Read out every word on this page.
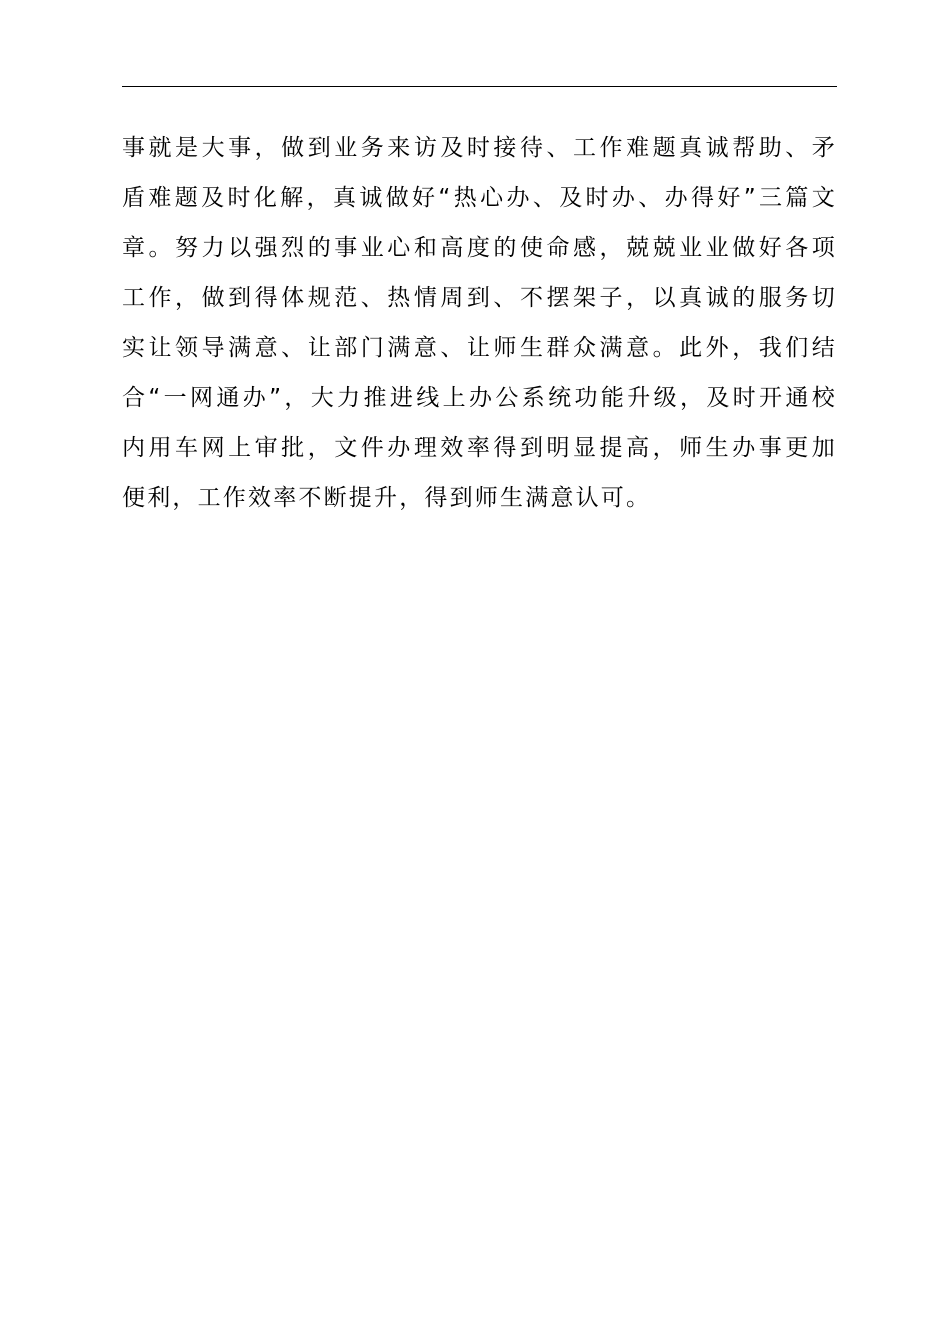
事就是大事，做到业务来访及时接待、工作难题真诚帮助、矛
盾难题及时化解，真诚做好“热心办、及时办、办得好”三篇文
章。努力以强烈的事业心和高度的使命感，兢兢业业做好各项
工作，做到得体规范、热情周到、不摆架子，以真诚的服务切
实让领导满意、让部门满意、让师生群众满意。此外，我们结
合“一网通办”，大力推进线上办公系统功能升级，及时开通校
内用车网上审批，文件办理效率得到明显提高，师生办事更加
便利，工作效率不断提升，得到师生满意认可。
